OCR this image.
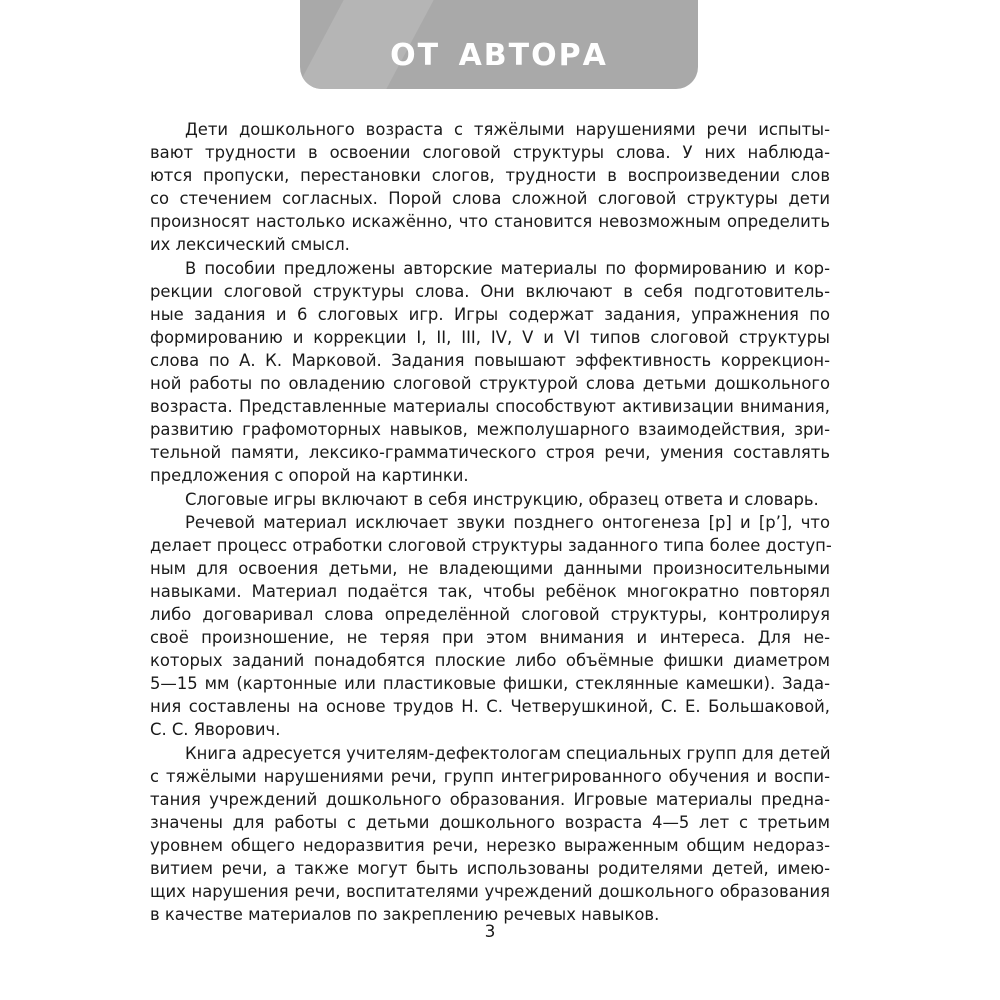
ОТ АВТОРА
Дети дошкольного возраста с тяжёлыми нарушениями речи испыты-
вают трудности в освоении слоговой структуры слова. У них наблюда-
ются пропуски, перестановки слогов, трудности в воспроизведении слов
со стечением согласных. Порой слова сложной слоговой структуры дети
произносят настолько искажённо, что становится невозможным определить
их лексический смысл.
В пособии предложены авторские материалы по формированию и кор-
рекции слоговой структуры слова. Они включают в себя подготовитель-
ные задания и 6 слоговых игр. Игры содержат задания, упражнения по
формированию и коррекции I, II, III, IV, V и VI типов слоговой структуры
слова по А. К. Марковой. Задания повышают эффективность коррекцион-
ной работы по овладению слоговой структурой слова детьми дошкольного
возраста. Представленные материалы способствуют активизации внимания,
развитию графомоторных навыков, межполушарного взаимодействия, зри-
тельной памяти, лексико-грамматического строя речи, умения составлять
предложения с опорой на картинки.
Слоговые игры включают в себя инструкцию, образец ответа и словарь.
Речевой материал исключает звуки позднего онтогенеза [р] и [р’], что
делает процесс отработки слоговой структуры заданного типа более доступ-
ным для освоения детьми, не владеющими данными произносительными
навыками. Материал подаётся так, чтобы ребёнок многократно повторял
либо договаривал слова определённой слоговой структуры, контролируя
своё произношение, не теряя при этом внимания и интереса. Для не-
которых заданий понадобятся плоские либо объёмные фишки диаметром
5—15 мм (картонные или пластиковые фишки, стеклянные камешки). Зада-
ния составлены на основе трудов Н. С. Четверушкиной, С. Е. Большаковой,
С. С. Яворович.
Книга адресуется учителям-дефектологам специальных групп для детей
с тяжёлыми нарушениями речи, групп интегрированного обучения и воспи-
тания учреждений дошкольного образования. Игровые материалы предна-
значены для работы с детьми дошкольного возраста 4—5 лет с третьим
уровнем общего недоразвития речи, нерезко выраженным общим недораз-
витием речи, а также могут быть использованы родителями детей, имею-
щих нарушения речи, воспитателями учреждений дошкольного образования
в качестве материалов по закреплению речевых навыков.
3
